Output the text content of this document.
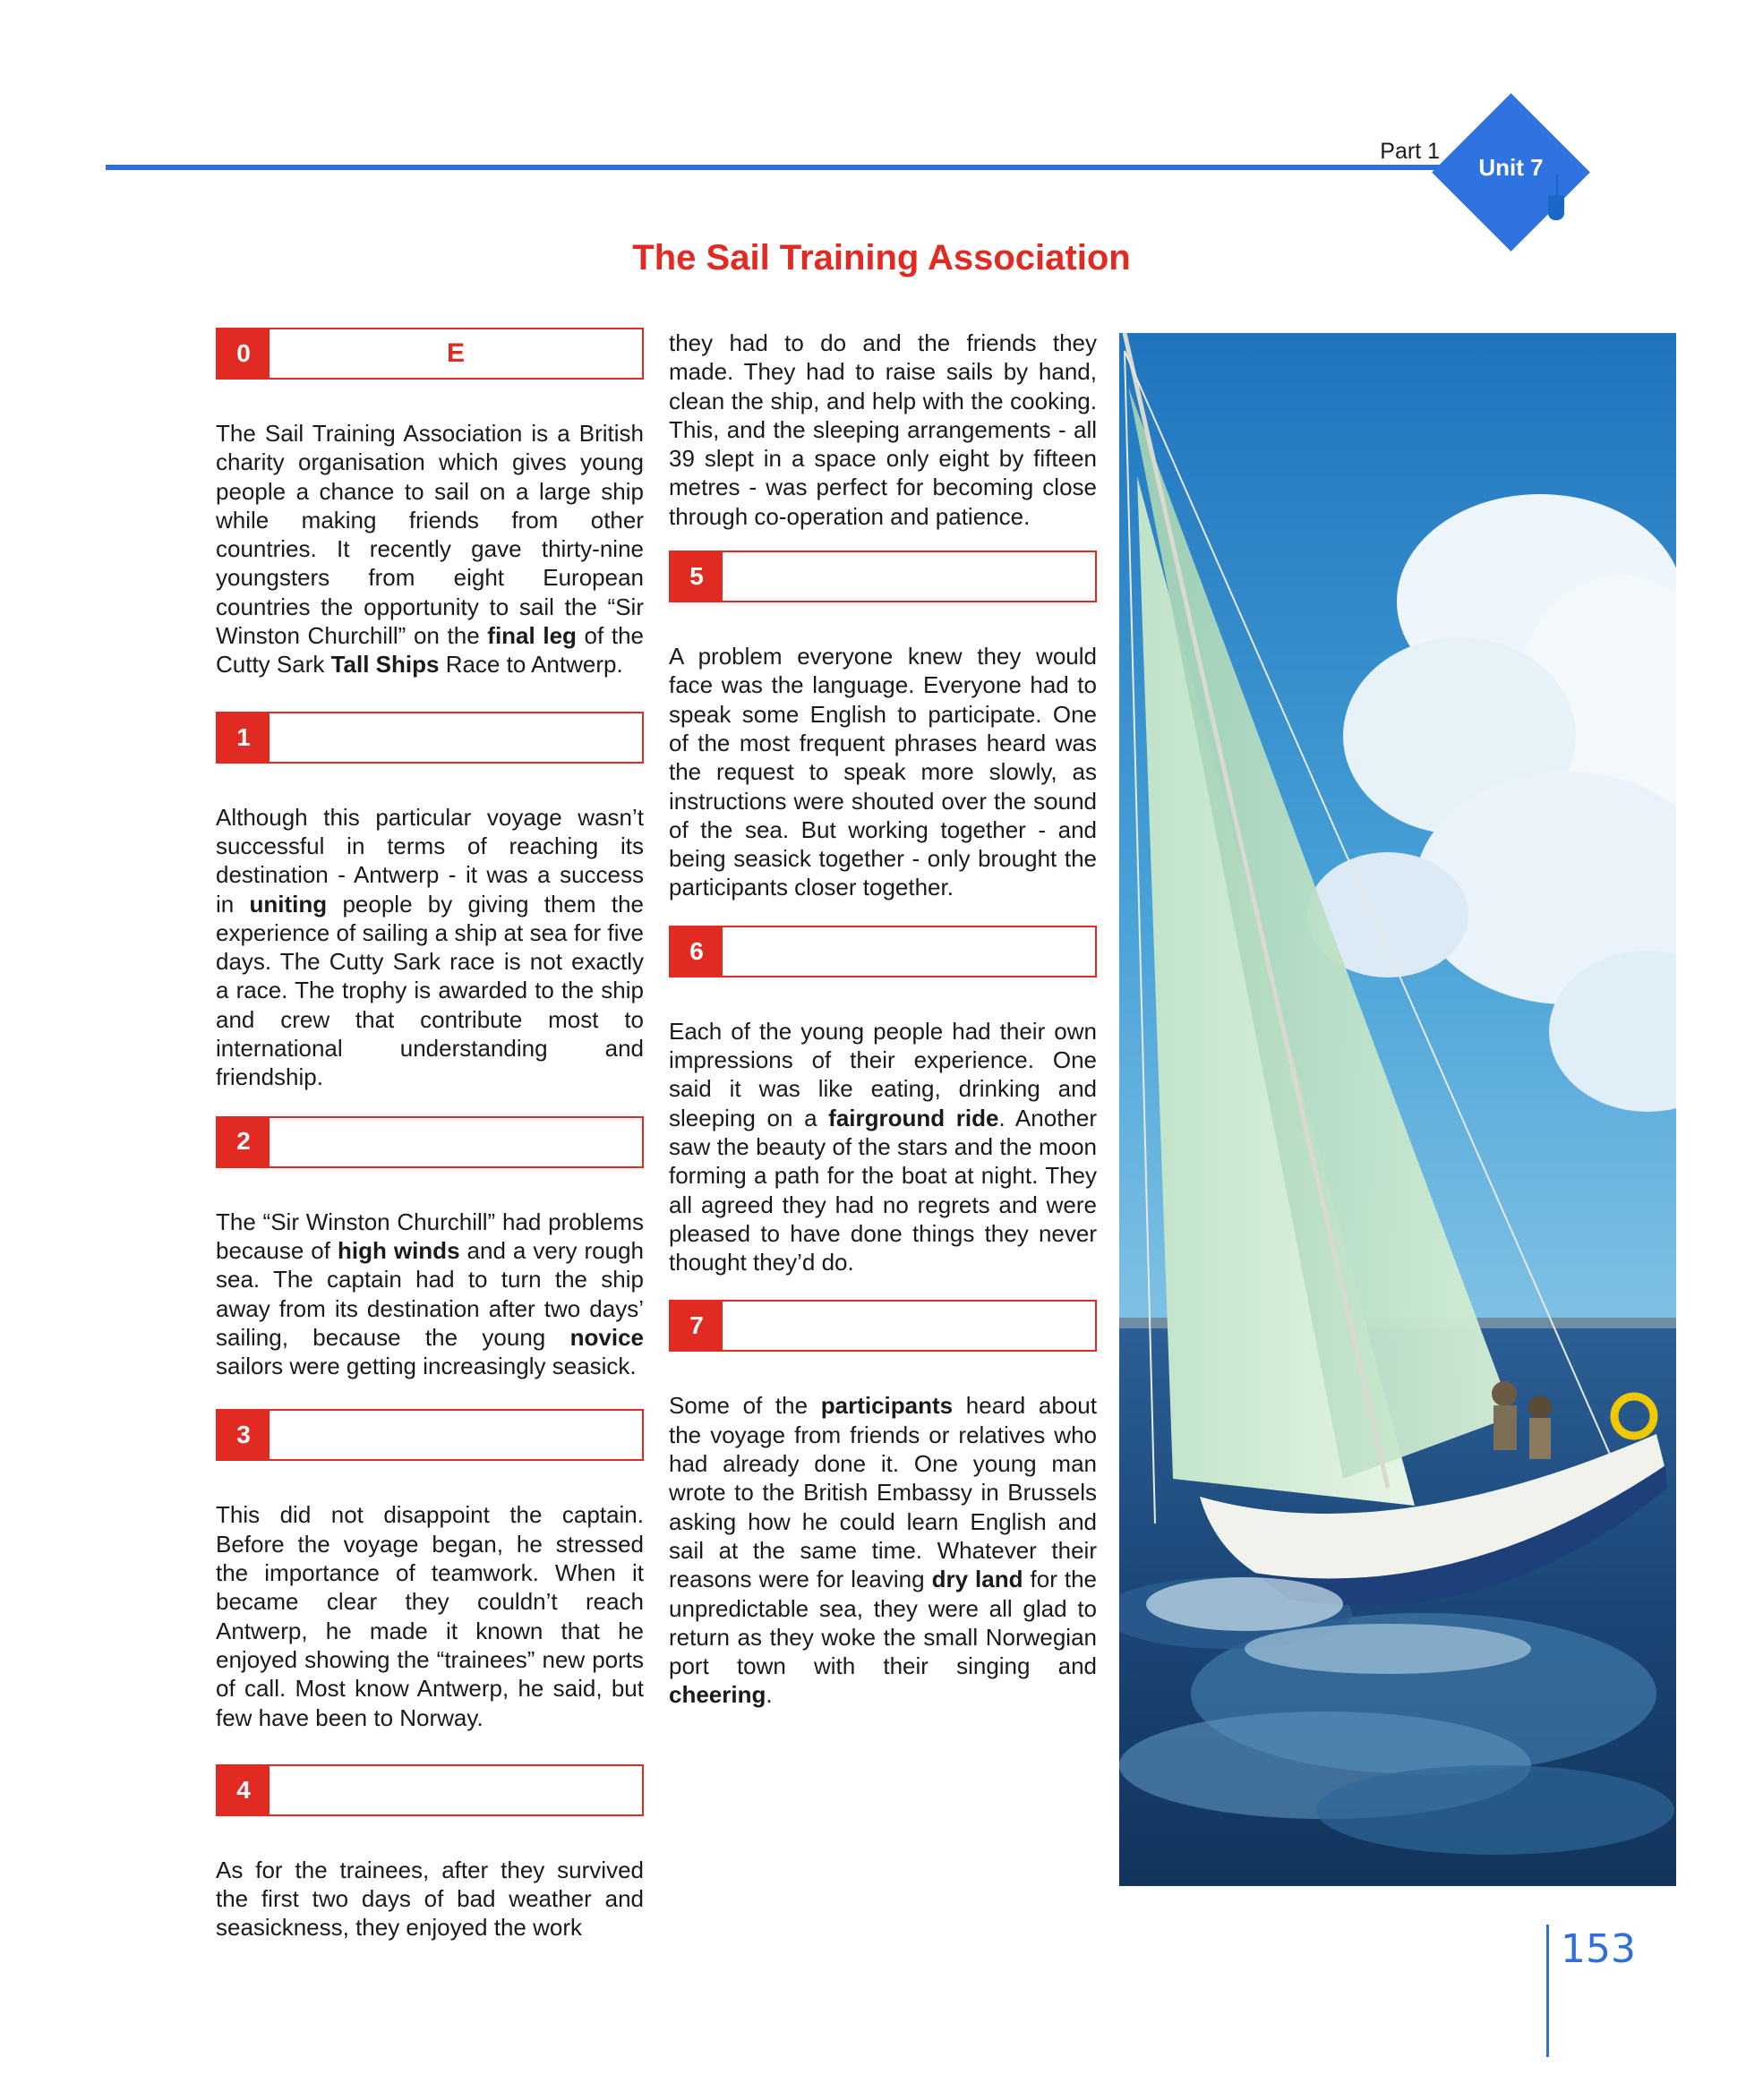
Part 1
Unit 7
The Sail Training Association
0	E

The Sail Training Association is a British charity organisation which gives young people a chance to sail on a large ship while making friends from other countries. It recently gave thirty-nine youngsters from eight European countries the opportunity to sail the “Sir Winston Churchill” on the final leg of the Cutty Sark Tall Ships Race to Antwerp.

1

Although this particular voyage wasn’t successful in terms of reaching its destination - Antwerp - it was a success in uniting people by giving them the experience of sailing a ship at sea for five days. The Cutty Sark race is not exactly a race. The trophy is awarded to the ship and crew that contribute most to international understanding and friendship.

2

The “Sir Winston Churchill” had problems because of high winds and a very rough sea. The captain had to turn the ship away from its destination after two days’ sailing, because the young novice sailors were getting increasingly seasick.

3

This did not disappoint the captain. Before the voyage began, he stressed the importance of teamwork. When it became clear they couldn’t reach Antwerp, he made it known that he enjoyed showing the “trainees” new ports of call. Most know Antwerp, he said, but few have been to Norway.

4

As for the trainees, after they survived the first two days of bad weather and seasickness, they enjoyed the work

they had to do and the friends they made. They had to raise sails by hand, clean the ship, and help with the cooking. This, and the sleeping arrangements - all 39 slept in a space only eight by fifteen metres - was perfect for becoming close through co-operation and patience.

5

A problem everyone knew they would face was the language. Everyone had to speak some English to participate. One of the most frequent phrases heard was the request to speak more slowly, as instructions were shouted over the sound of the sea. But working together - and being seasick together - only brought the participants closer together.

6

Each of the young people had their own impressions of their experience. One said it was like eating, drinking and sleeping on a fairground ride. Another saw the beauty of the stars and the moon forming a path for the boat at night. They all agreed they had no regrets and were pleased to have done things they never thought they’d do.

7

Some of the participants heard about the voyage from friends or relatives who had already done it. One young man wrote to the British Embassy in Brussels asking how he could learn English and sail at the same time. Whatever their reasons were for leaving dry land for the unpredictable sea, they were all glad to return as they woke the small Norwegian port town with their singing and cheering.

153
